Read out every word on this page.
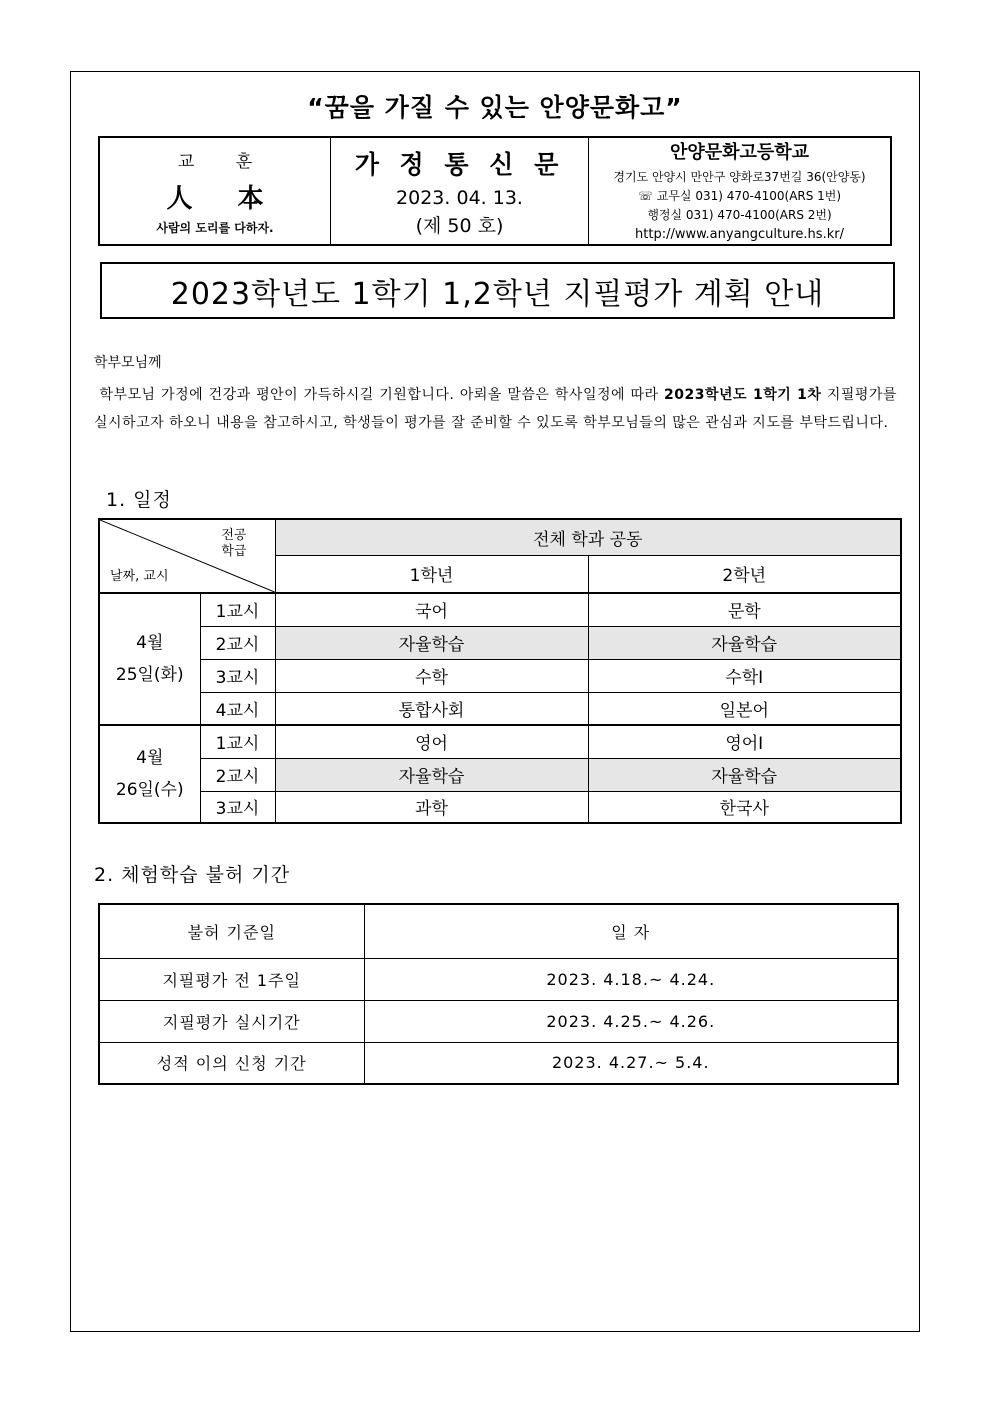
“꿈을 가질 수 있는 안양문화고”
교 훈
人 本
사람의 도리를 다하자.
가 정 통 신 문
2023. 04. 13.
(제 50 호)
안양문화고등학교
경기도 안양시 만안구 양화로37번길 36(안양동)
☏ 교무실 031) 470-4100(ARS 1번)
행정실 031) 470-4100(ARS 2번)
http://www.anyangculture.hs.kr/
2023학년도 1학기 1,2학년 지필평가 계획 안내
학부모님께
학부모님 가정에 건강과 평안이 가득하시길 기원합니다. 아뢰올 말씀은 학사일정에 따라 2023학년도 1학기 1차 지필평가를 실시하고자 하오니 내용을 참고하시고, 학생들이 평가를 잘 준비할 수 있도록 학부모님들의 많은 관심과 지도를 부탁드립니다.
1. 일정
전공
학급
날짜, 교시		전체 학과 공동	
		1학년	2학년
4월
25일(화)	1교시	국어	문학
	2교시	자율학습	자율학습
	3교시	수학	수학Ⅰ
	4교시	통합사회	일본어
4월
26일(수)	1교시	영어	영어Ⅰ
	2교시	자율학습	자율학습
	3교시	과학	한국사
2. 체험학습 불허 기간
불허 기준일	일 자
지필평가 전 1주일	2023. 4.18.~ 4.24.
지필평가 실시기간	2023. 4.25.~ 4.26.
성적 이의 신청 기간	2023. 4.27.~ 5.4.
